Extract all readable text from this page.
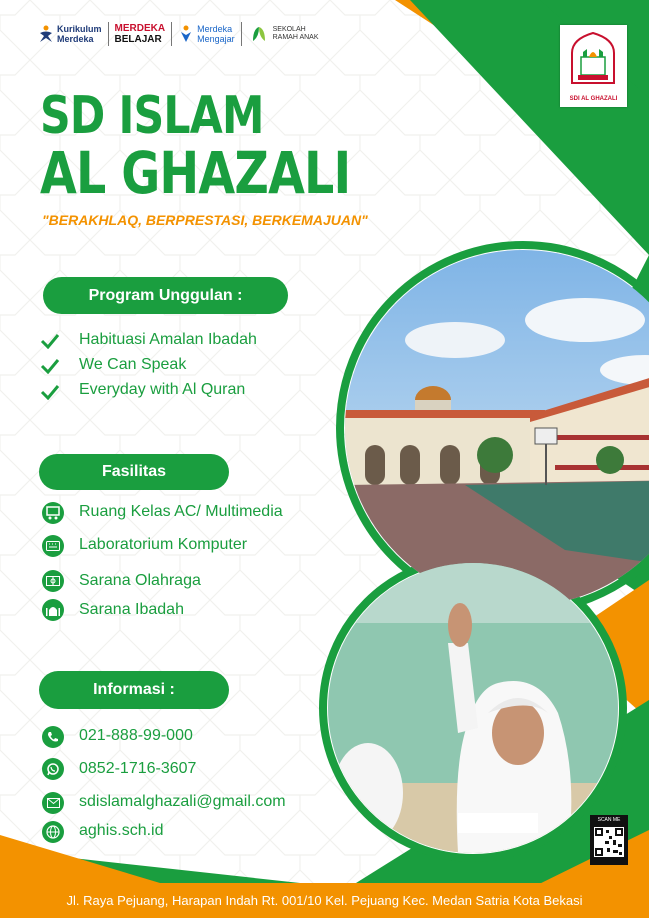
Kurikulum
Merdeka
MERDEKA
BELAJAR
Merdeka
Mengajar
SEKOLAH
RAMAH ANAK
SDI AL GHAZALI
SD ISLAM
AL GHAZALI
"BERAKHLAQ, BERPRESTASI, BERKEMAJUAN"
Program Unggulan :
Habituasi Amalan Ibadah
We Can Speak
Everyday with Al Quran
Fasilitas
Ruang Kelas AC/ Multimedia
Laboratorium Komputer
Sarana Olahraga
Sarana Ibadah
Informasi :
021-888-99-000
0852-1716-3607
sdislamalghazali@gmail.com
aghis.sch.id
SCAN ME
Jl. Raya Pejuang, Harapan Indah Rt. 001/10 Kel. Pejuang Kec. Medan Satria Kota Bekasi
